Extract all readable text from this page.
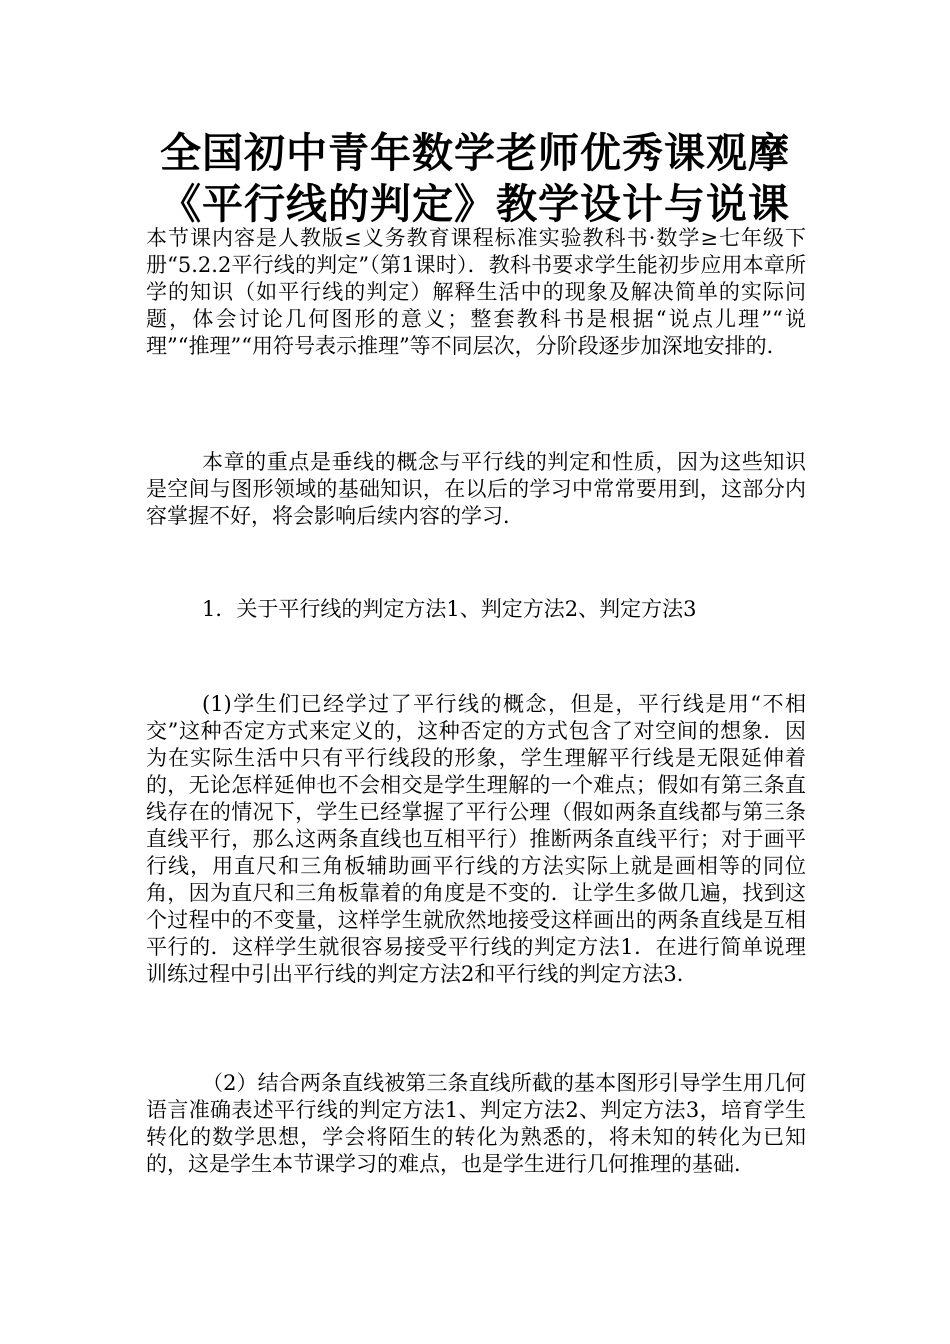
全国初中青年数学老师优秀课观摩《平行线的判定》教学设计与说课

本节课内容是人教版≤义务教育课程标准实验教科书·数学≥七年级下册“5.2.2平行线的判定”（第1课时）．教科书要求学生能初步应用本章所学的知识（如平行线的判定）解释生活中的现象及解决简单的实际问题，体会讨论几何图形的意义；整套教科书是根据“说点儿理”“说理”“推理”“用符号表示推理”等不同层次，分阶段逐步加深地安排的．

本章的重点是垂线的概念与平行线的判定和性质，因为这些知识是空间与图形领域的基础知识，在以后的学习中常常要用到，这部分内容掌握不好，将会影响后续内容的学习．

1．关于平行线的判定方法1、判定方法2、判定方法3

(1)学生们已经学过了平行线的概念，但是，平行线是用“不相交”这种否定方式来定义的，这种否定的方式包含了对空间的想象．因为在实际生活中只有平行线段的形象，学生理解平行线是无限延伸着的，无论怎样延伸也不会相交是学生理解的一个难点；假如有第三条直线存在的情况下，学生已经掌握了平行公理（假如两条直线都与第三条直线平行，那么这两条直线也互相平行）推断两条直线平行；对于画平行线，用直尺和三角板辅助画平行线的方法实际上就是画相等的同位角，因为直尺和三角板靠着的角度是不变的．让学生多做几遍，找到这个过程中的不变量，这样学生就欣然地接受这样画出的两条直线是互相平行的．这样学生就很容易接受平行线的判定方法1．在进行简单说理训练过程中引出平行线的判定方法2和平行线的判定方法3．

（2）结合两条直线被第三条直线所截的基本图形引导学生用几何语言准确表述平行线的判定方法1、判定方法2、判定方法3，培育学生转化的数学思想，学会将陌生的转化为熟悉的，将未知的转化为已知的，这是学生本节课学习的难点，也是学生进行几何推理的基础．
